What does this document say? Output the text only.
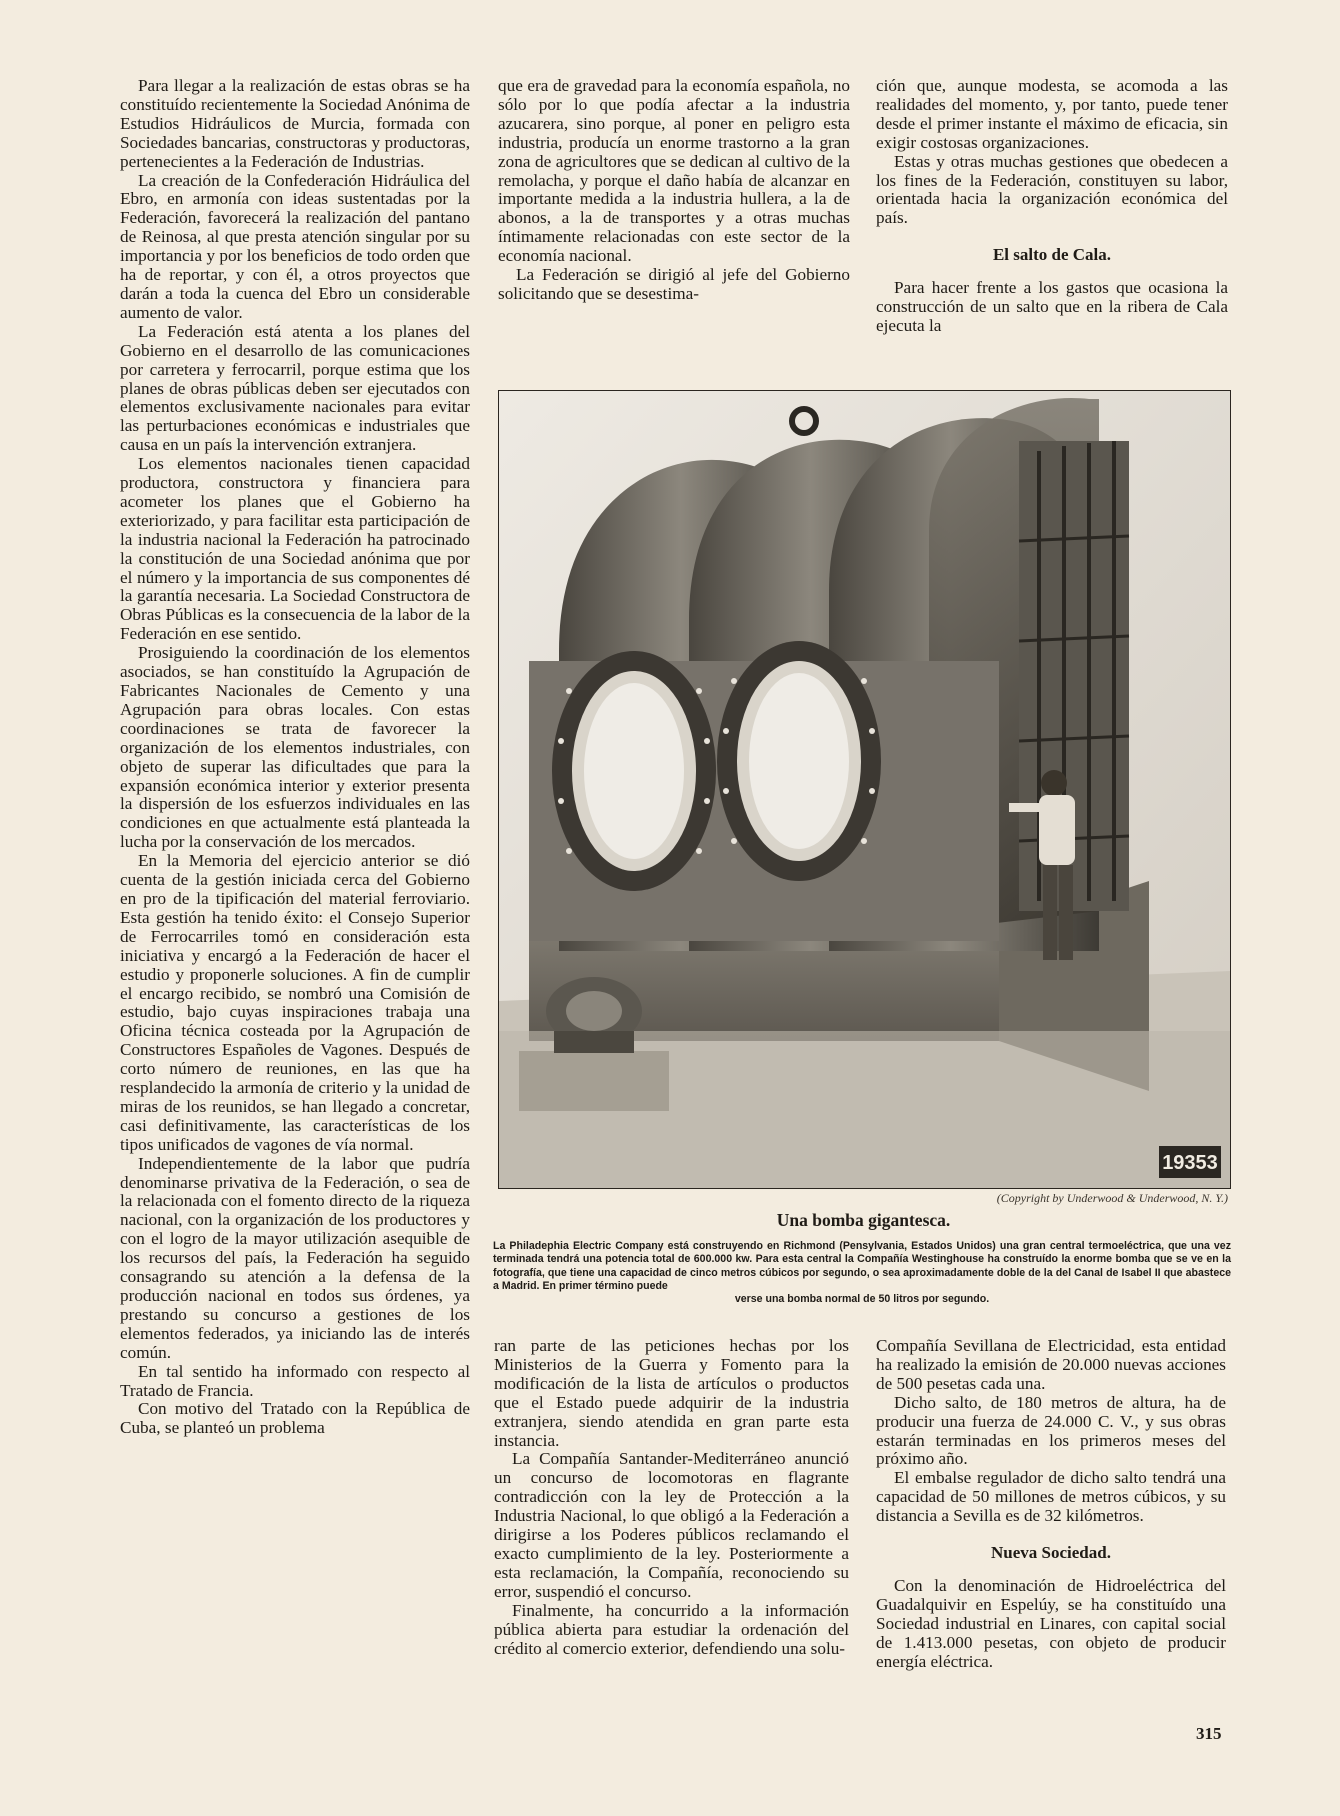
Para llegar a la realización de estas obras se ha constituído recientemente la Sociedad Anónima de Estudios Hidráulicos de Murcia, formada con Sociedades bancarias, constructoras y productoras, pertenecientes a la Federación de Industrias.

La creación de la Confederación Hidráulica del Ebro, en armonía con ideas sustentadas por la Federación, favorecerá la realización del pantano de Reinosa, al que presta atención singular por su importancia y por los beneficios de todo orden que ha de reportar, y con él, a otros proyectos que darán a toda la cuenca del Ebro un considerable aumento de valor.

La Federación está atenta a los planes del Gobierno en el desarrollo de las comunicaciones por carretera y ferrocarril, porque estima que los planes de obras públicas deben ser ejecutados con elementos exclusivamente nacionales para evitar las perturbaciones económicas e industriales que causa en un país la intervención extranjera.

Los elementos nacionales tienen capacidad productora, constructora y financiera para acometer los planes que el Gobierno ha exteriorizado, y para facilitar esta participación de la industria nacional la Federación ha patrocinado la constitución de una Sociedad anónima que por el número y la importancia de sus componentes dé la garantía necesaria. La Sociedad Constructora de Obras Públicas es la consecuencia de la labor de la Federación en ese sentido.

Prosiguiendo la coordinación de los elementos asociados, se han constituído la Agrupación de Fabricantes Nacionales de Cemento y una Agrupación para obras locales. Con estas coordinaciones se trata de favorecer la organización de los elementos industriales, con objeto de superar las dificultades que para la expansión económica interior y exterior presenta la dispersión de los esfuerzos individuales en las condiciones en que actualmente está planteada la lucha por la conservación de los mercados.

En la Memoria del ejercicio anterior se dió cuenta de la gestión iniciada cerca del Gobierno en pro de la tipificación del material ferroviario. Esta gestión ha tenido éxito: el Consejo Superior de Ferrocarriles tomó en consideración esta iniciativa y encargó a la Federación de hacer el estudio y proponerle soluciones. A fin de cumplir el encargo recibido, se nombró una Comisión de estudio, bajo cuyas inspiraciones trabaja una Oficina técnica costeada por la Agrupación de Constructores Españoles de Vagones. Después de corto número de reuniones, en las que ha resplandecido la armonía de criterio y la unidad de miras de los reunidos, se han llegado a concretar, casi definitivamente, las características de los tipos unificados de vagones de vía normal.

Independientemente de la labor que pudría denominarse privativa de la Federación, o sea de la relacionada con el fomento directo de la riqueza nacional, con la organización de los productores y con el logro de la mayor utilización asequible de los recursos del país, la Federación ha seguido consagrando su atención a la defensa de la producción nacional en todos sus órdenes, ya prestando su concurso a gestiones de los elementos federados, ya iniciando las de interés común.

En tal sentido ha informado con respecto al Tratado de Francia.

Con motivo del Tratado con la República de Cuba, se planteó un problema

que era de gravedad para la economía española, no sólo por lo que podía afectar a la industria azucarera, sino porque, al poner en peligro esta industria, producía un enorme trastorno a la gran zona de agricultores que se dedican al cultivo de la remolacha, y porque el daño había de alcanzar en importante medida a la industria hullera, a la de abonos, a la de transportes y a otras muchas íntimamente relacionadas con este sector de la economía nacional.

La Federación se dirigió al jefe del Gobierno solicitando que se desestima-

ción que, aunque modesta, se acomoda a las realidades del momento, y, por tanto, puede tener desde el primer instante el máximo de eficacia, sin exigir costosas organizaciones.

Estas y otras muchas gestiones que obedecen a los fines de la Federación, constituyen su labor, orientada hacia la organización económica del país.

El salto de Cala.

Para hacer frente a los gastos que ocasiona la construcción de un salto que en la ribera de Cala ejecuta la

19353
(Copyright by Underwood & Underwood, N. Y.)
Una bomba gigantesca.
La Philadephia Electric Company está construyendo en Richmond (Pensylvania, Estados Unidos) una gran central termoeléctrica, que una vez terminada tendrá una potencia total de 600.000 kw. Para esta central la Compañía Westinghouse ha construído la enorme bomba que se ve en la fotografía, que tiene una capacidad de cinco metros cúbicos por segundo, o sea aproximadamente doble de la del Canal de Isabel II que abastece a Madrid. En primer término puede
verse una bomba normal de 50 litros por segundo.

ran parte de las peticiones hechas por los Ministerios de la Guerra y Fomento para la modificación de la lista de artículos o productos que el Estado puede adquirir de la industria extranjera, siendo atendida en gran parte esta instancia.

La Compañía Santander-Mediterráneo anunció un concurso de locomotoras en flagrante contradicción con la ley de Protección a la Industria Nacional, lo que obligó a la Federación a dirigirse a los Poderes públicos reclamando el exacto cumplimiento de la ley. Posteriormente a esta reclamación, la Compañía, reconociendo su error, suspendió el concurso.

Finalmente, ha concurrido a la información pública abierta para estudiar la ordenación del crédito al comercio exterior, defendiendo una solu-

Compañía Sevillana de Electricidad, esta entidad ha realizado la emisión de 20.000 nuevas acciones de 500 pesetas cada una.

Dicho salto, de 180 metros de altura, ha de producir una fuerza de 24.000 C. V., y sus obras estarán terminadas en los primeros meses del próximo año.

El embalse regulador de dicho salto tendrá una capacidad de 50 millones de metros cúbicos, y su distancia a Sevilla es de 32 kilómetros.

Nueva Sociedad.

Con la denominación de Hidroeléctrica del Guadalquivir en Espelúy, se ha constituído una Sociedad industrial en Linares, con capital social de 1.413.000 pesetas, con objeto de producir energía eléctrica.

315
